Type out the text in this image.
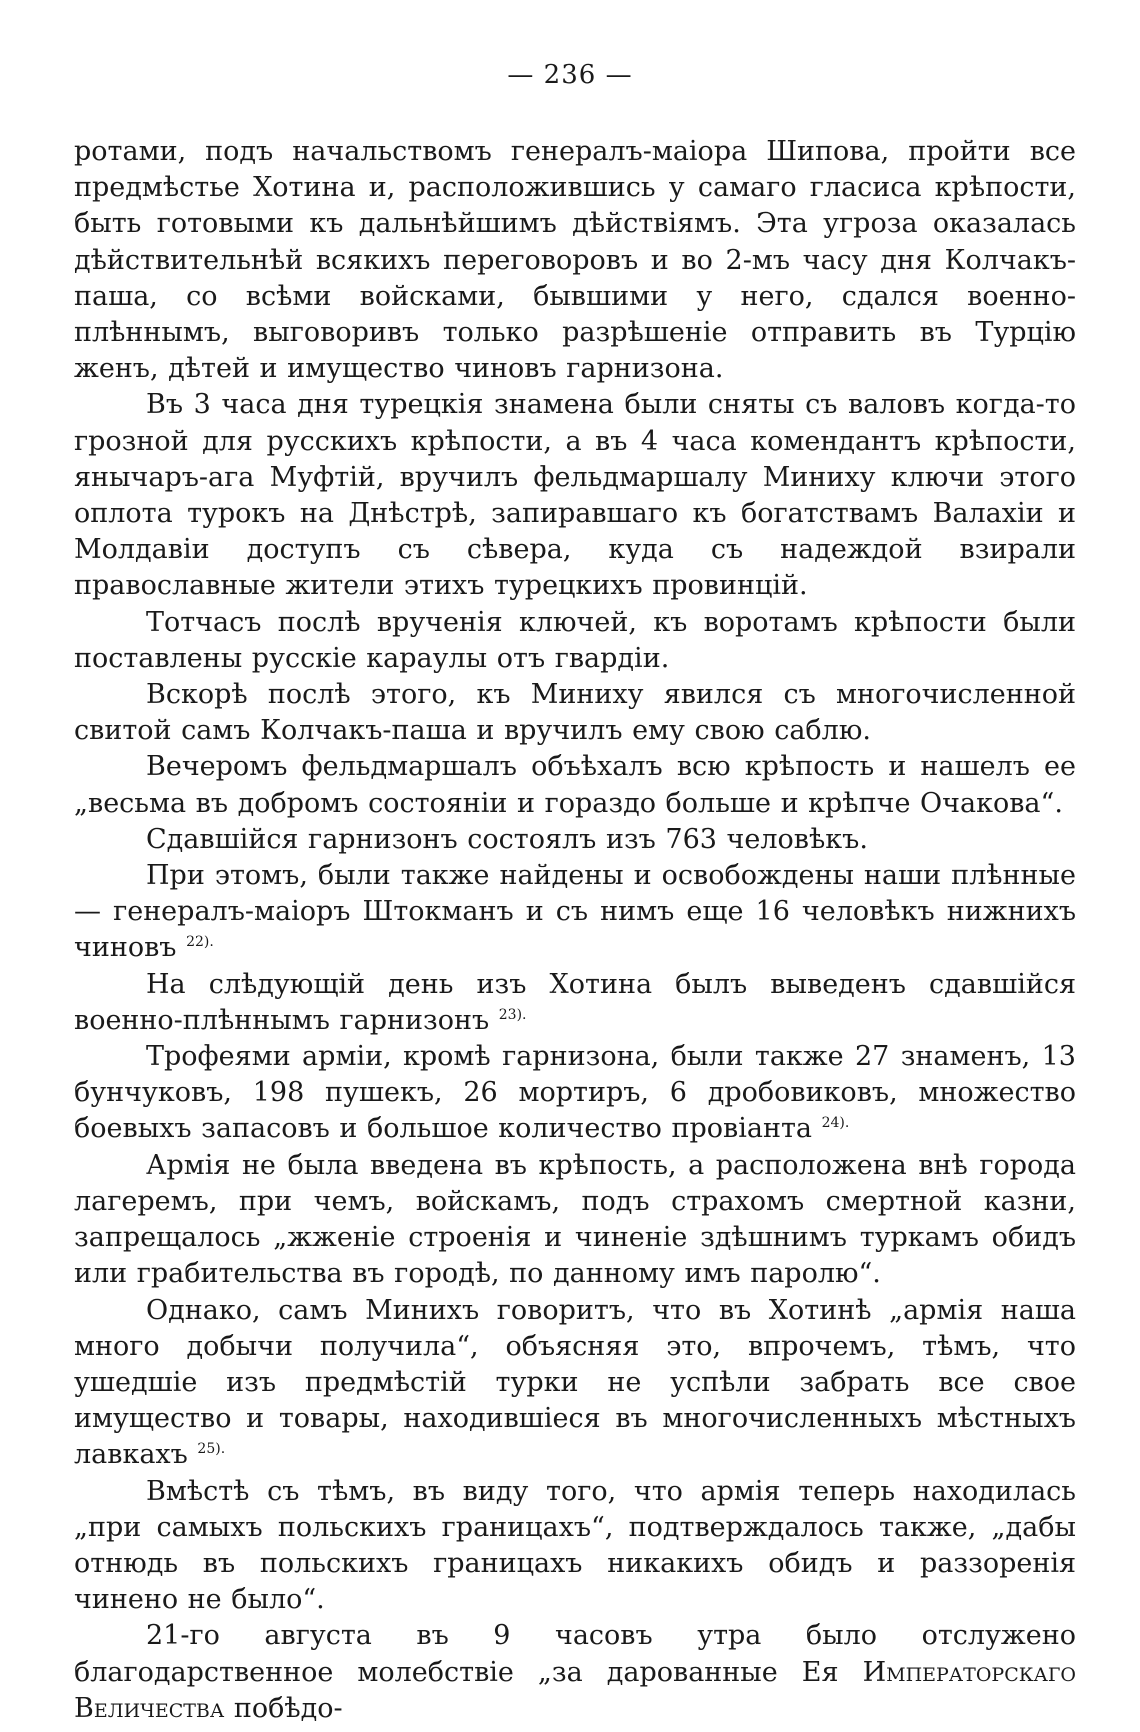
— 236 —

ротами, подъ начальствомъ генералъ-маiора Шипова, пройти все предмѣстье Хотина и, расположившись у самаго гласиса крѣпости, быть готовыми къ дальнѣйшимъ дѣйствiямъ. Эта угроза оказалась дѣйствительнѣй всякихъ переговоровъ и во 2-мъ часу дня Колчакъ-паша, со всѣми войсками, бывшими у него, сдался военно-плѣннымъ, выговоривъ только разрѣшенiе отправить въ Турцiю женъ, дѣтей и имущество чиновъ гарнизона.

Въ 3 часа дня турецкiя знамена были сняты съ валовъ когда-то грозной для русскихъ крѣпости, а въ 4 часа комендантъ крѣпости, янычаръ-ага Муфтiй, вручилъ фельдмаршалу Миниху ключи этого оплота турокъ на Днѣстрѣ, запиравшаго къ богатствамъ Валахiи и Молдавiи доступъ съ сѣвера, куда съ надеждой взирали православные жители этихъ турецкихъ провинцiй.

Тотчасъ послѣ врученiя ключей, къ воротамъ крѣпости были поставлены русскiе караулы отъ гвардiи.

Вскорѣ послѣ этого, къ Миниху явился съ многочисленной свитой самъ Колчакъ-паша и вручилъ ему свою саблю.

Вечеромъ фельдмаршалъ объѣхалъ всю крѣпость и нашелъ ее „весьма въ добромъ состоянiи и гораздо больше и крѣпче Очакова“.

Сдавшiйся гарнизонъ состоялъ изъ 763 человѣкъ.

При этомъ, были также найдены и освобождены наши плѣнные— генералъ-маiоръ Штокманъ и съ нимъ еще 16 человѣкъ нижнихъ чиновъ $^{22).}$

На слѣдующiй день изъ Хотина былъ выведенъ сдавшiйся военно-плѣннымъ гарнизонъ $^{23).}$

Трофеями армiи, кромѣ гарнизона, были также 27 знаменъ, 13 бунчуковъ, 198 пушекъ, 26 мортиръ, 6 дробовиковъ, множество боевыхъ запасовъ и большое количество провiанта $^{24).}$

Армiя не была введена въ крѣпость, а расположена внѣ города лагеремъ, при чемъ, войскамъ, подъ страхомъ смертной казни, запрещалось „жженiе строенiя и чиненiе здѣшнимъ туркамъ обидъ или грабительства въ городѣ, по данному имъ паролю“.

Однако, самъ Минихъ говоритъ, что въ Хотинѣ „армiя наша много добычи получила“, объясняя это, впрочемъ, тѣмъ, что ушедшiе изъ предмѣстiй турки не успѣли забрать все свое имущество и товары, находившiеся въ многочисленныхъ мѣстныхъ лавкахъ $^{25).}$

Вмѣстѣ съ тѣмъ, въ виду того, что армiя теперь находилась „при самыхъ польскихъ границахъ“, подтверждалось также, „дабы отнюдь въ польскихъ границахъ никакихъ обидъ и раззоренiя чинено не было“.

21-го августа въ 9 часовъ утра было отслужено благодарственное молебствiе „за дарованные Ея Императорскаго Величества побѣдо-
